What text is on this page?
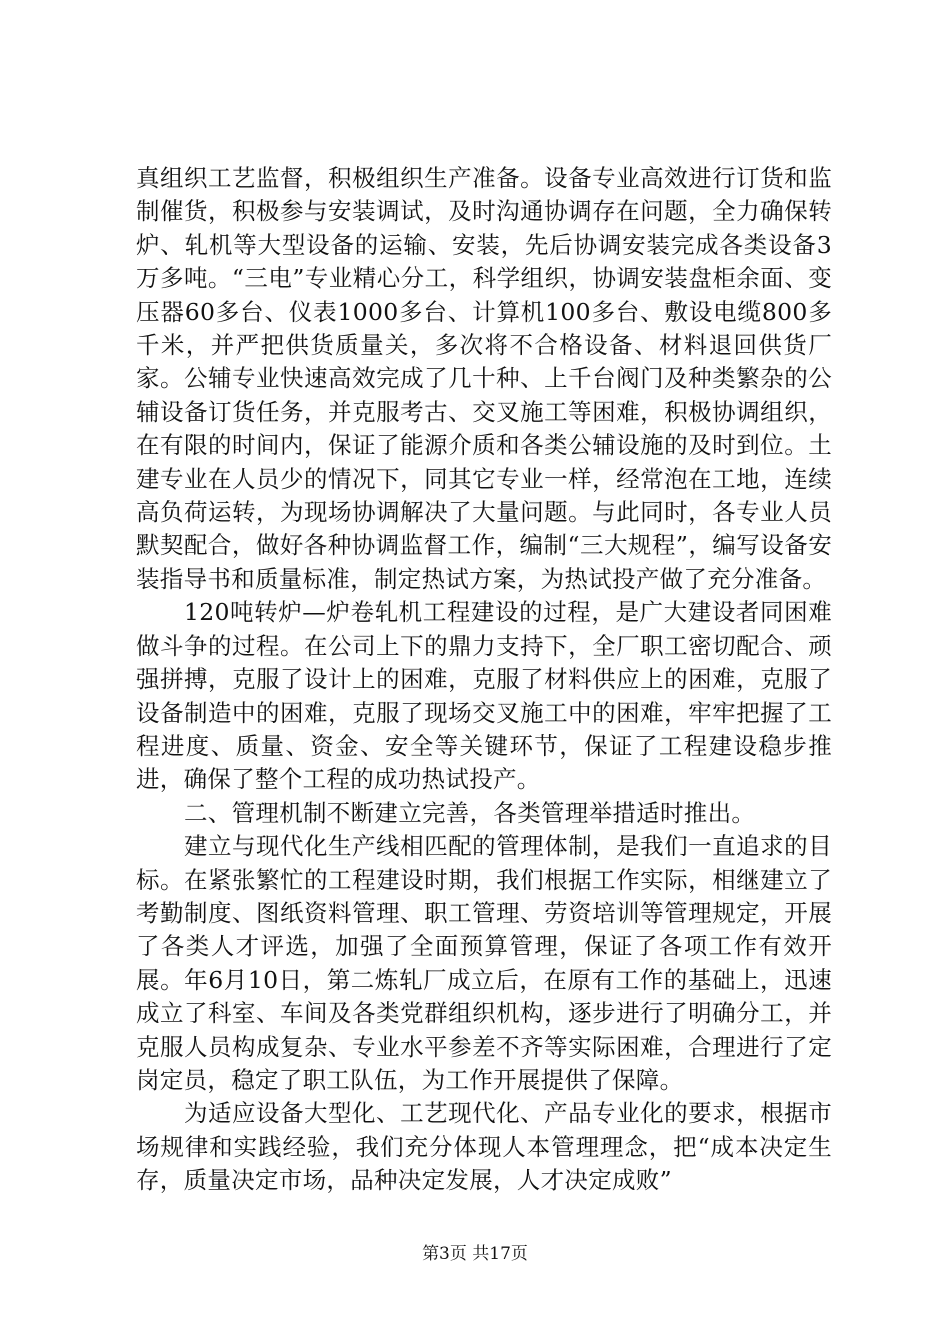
真组织工艺监督，积极组织生产准备。设备专业高效进行订货和监制催货，积极参与安装调试，及时沟通协调存在问题，全力确保转炉、轧机等大型设备的运输、安装，先后协调安装完成各类设备3万多吨。“三电”专业精心分工，科学组织，协调安装盘柜余面、变压器60多台、仪表1000多台、计算机100多台、敷设电缆800多千米，并严把供货质量关，多次将不合格设备、材料退回供货厂家。公辅专业快速高效完成了几十种、上千台阀门及种类繁杂的公辅设备订货任务，并克服考古、交叉施工等困难，积极协调组织，在有限的时间内，保证了能源介质和各类公辅设施的及时到位。土建专业在人员少的情况下，同其它专业一样，经常泡在工地，连续高负荷运转，为现场协调解决了大量问题。与此同时，各专业人员默契配合，做好各种协调监督工作，编制“三大规程”，编写设备安装指导书和质量标准，制定热试方案，为热试投产做了充分准备。

120吨转炉—炉卷轧机工程建设的过程，是广大建设者同困难做斗争的过程。在公司上下的鼎力支持下，全厂职工密切配合、顽强拼搏，克服了设计上的困难，克服了材料供应上的困难，克服了设备制造中的困难，克服了现场交叉施工中的困难，牢牢把握了工程进度、质量、资金、安全等关键环节，保证了工程建设稳步推进，确保了整个工程的成功热试投产。

二、管理机制不断建立完善，各类管理举措适时推出。

建立与现代化生产线相匹配的管理体制，是我们一直追求的目标。在紧张繁忙的工程建设时期，我们根据工作实际，相继建立了考勤制度、图纸资料管理、职工管理、劳资培训等管理规定，开展了各类人才评选，加强了全面预算管理，保证了各项工作有效开展。年6月10日，第二炼轧厂成立后，在原有工作的基础上，迅速成立了科室、车间及各类党群组织机构，逐步进行了明确分工，并克服人员构成复杂、专业水平参差不齐等实际困难，合理进行了定岗定员，稳定了职工队伍，为工作开展提供了保障。

为适应设备大型化、工艺现代化、产品专业化的要求，根据市场规律和实践经验，我们充分体现人本管理理念，把“成本决定生存，质量决定市场，品种决定发展，人才决定成败”

第3页 共17页
